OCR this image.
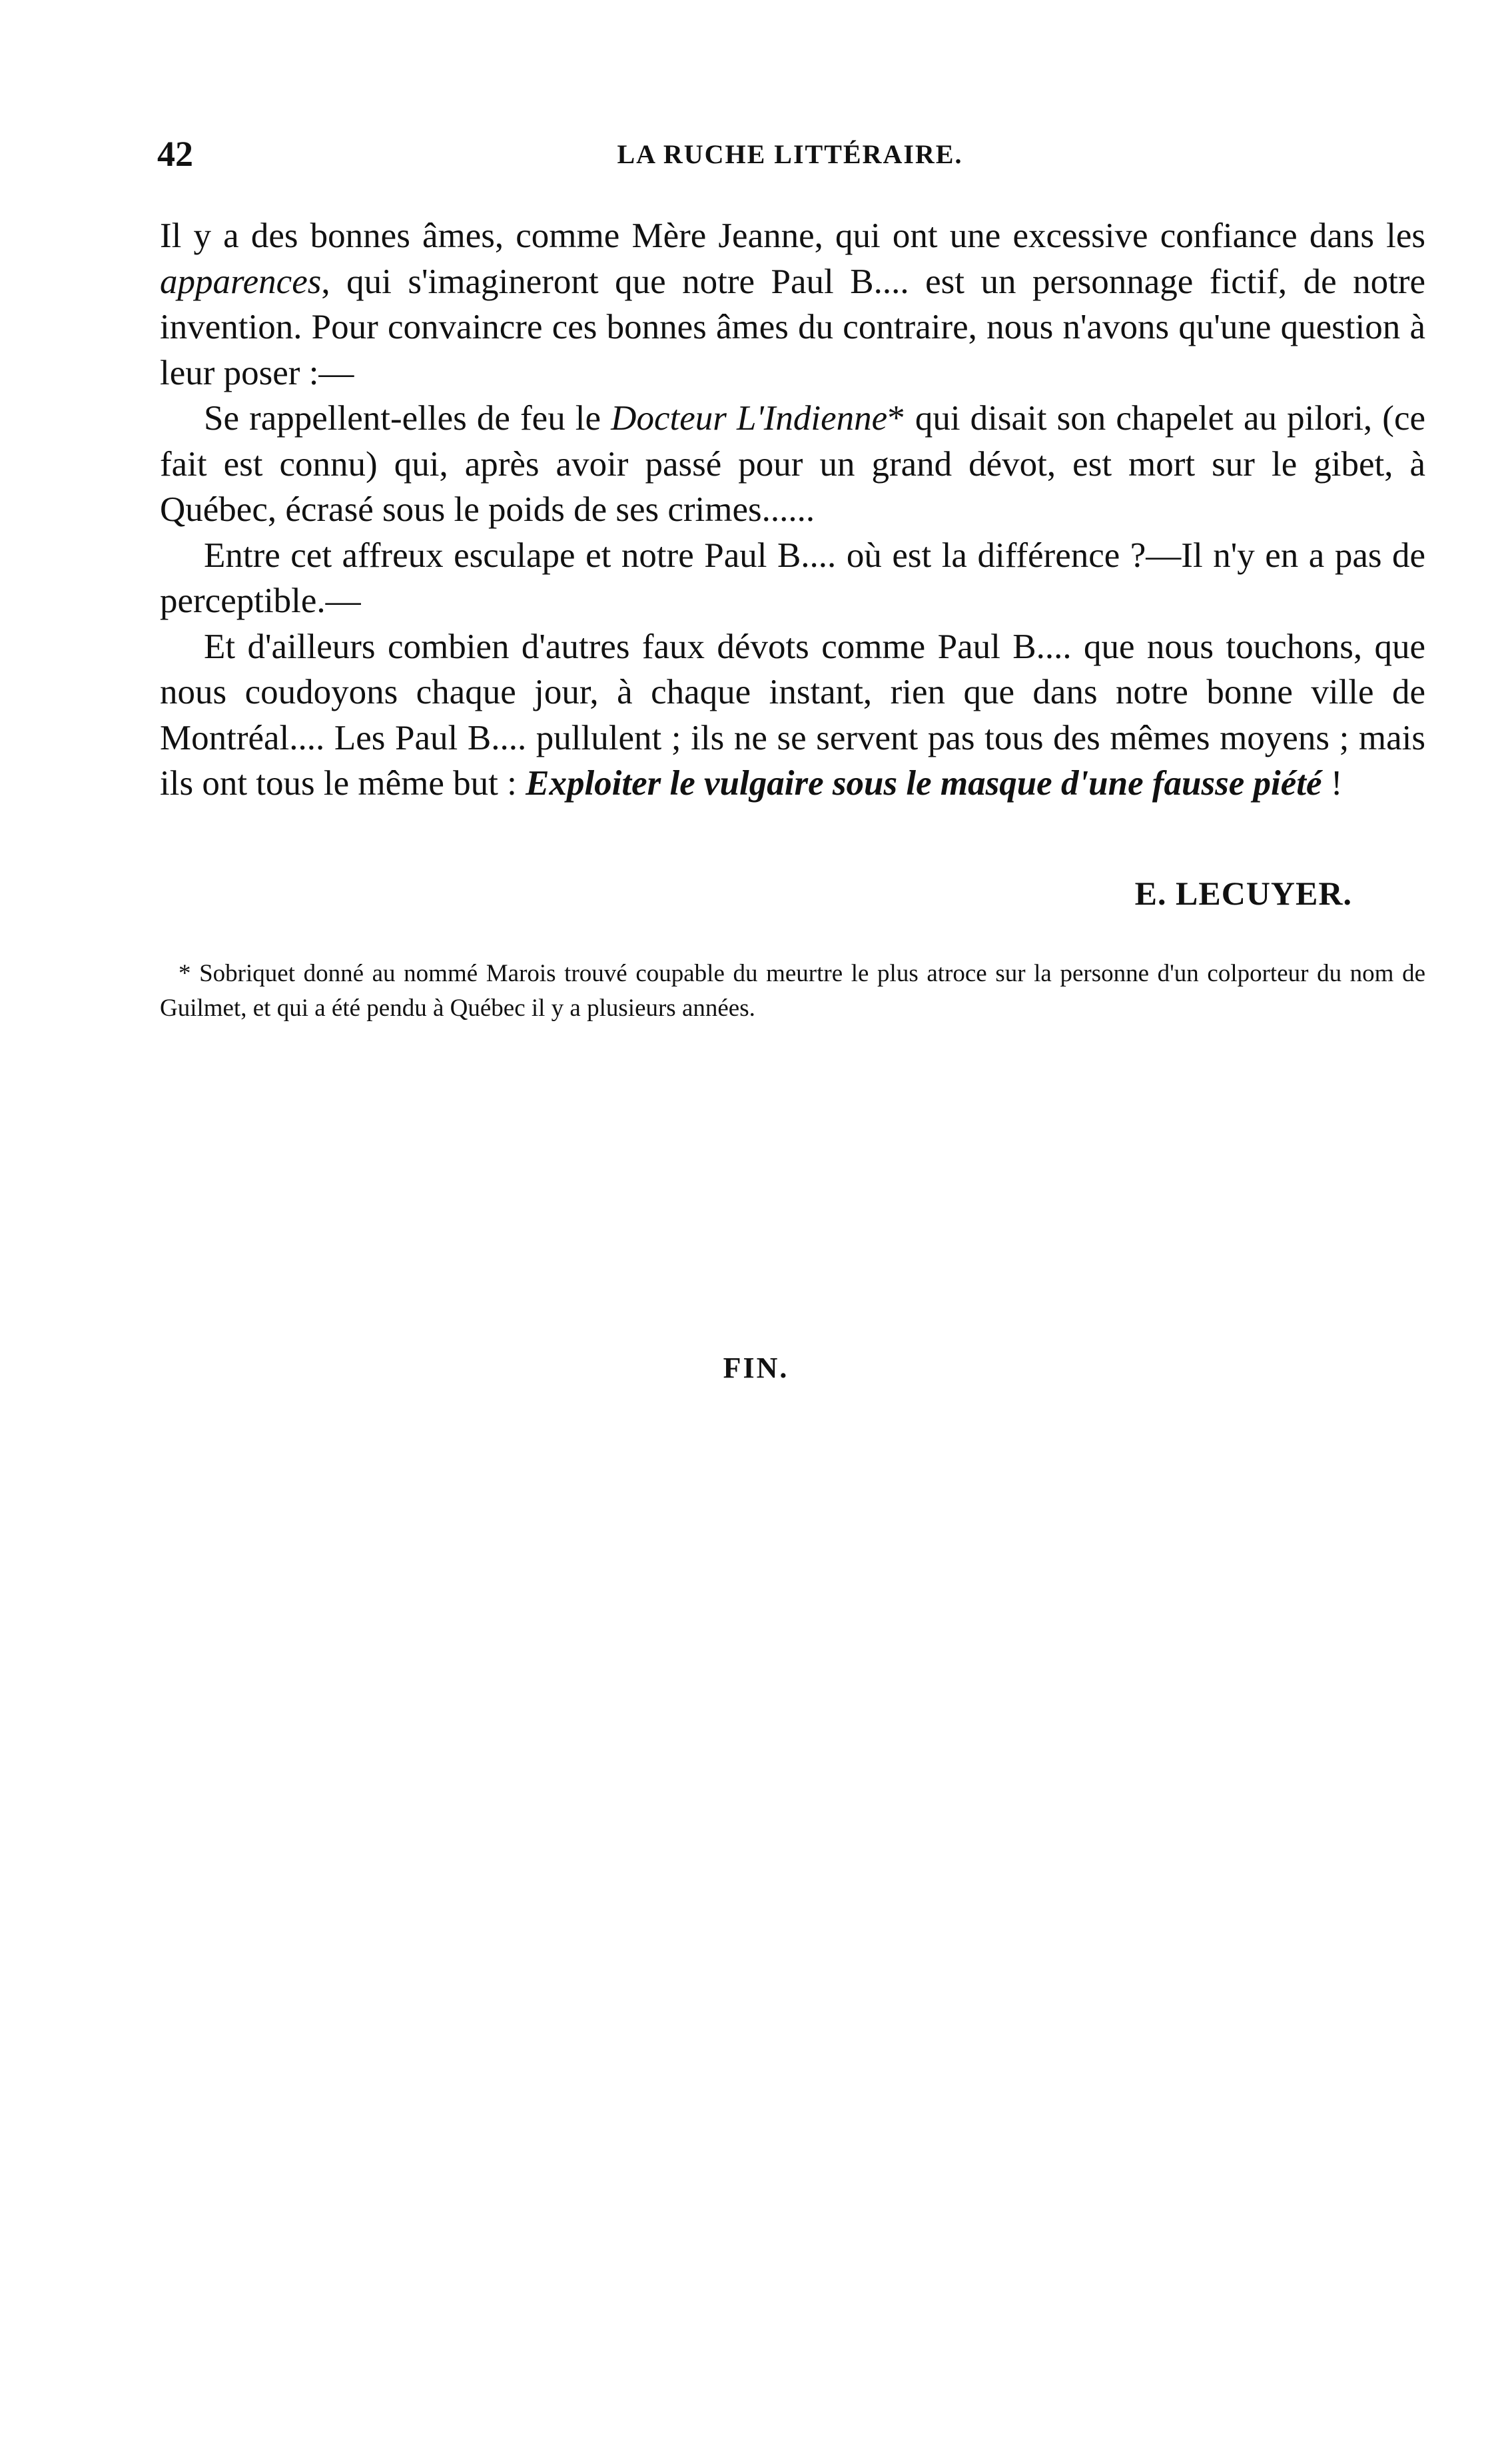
42	LA RUCHE LITTÉRAIRE.

Il y a des bonnes âmes, comme Mère Jeanne, qui ont une excessive confiance dans les apparences, qui s'imagineront que notre Paul B.... est un personnage fictif, de notre invention. Pour convaincre ces bonnes âmes du contraire, nous n'avons qu'une question à leur poser :—

Se rappellent-elles de feu le Docteur L'Indienne* qui disait son chapelet au pilori, (ce fait est connu) qui, après avoir passé pour un grand dévot, est mort sur le gibet, à Québec, écrasé sous le poids de ses crimes......

Entre cet affreux esculape et notre Paul B.... où est la différence ?—Il n'y en a pas de perceptible.—

Et d'ailleurs combien d'autres faux dévots comme Paul B.... que nous touchons, que nous coudoyons chaque jour, à chaque instant, rien que dans notre bonne ville de Montréal.... Les Paul B.... pullulent ; ils ne se servent pas tous des mêmes moyens ; mais ils ont tous le même but : Exploiter le vulgaire sous le masque d'une fausse piété !

E. LECUYER.

* Sobriquet donné au nommé Marois trouvé coupable du meurtre le plus atroce sur la personne d'un colporteur du nom de Guilmet, et qui a été pendu à Québec il y a plusieurs années.

FIN.
